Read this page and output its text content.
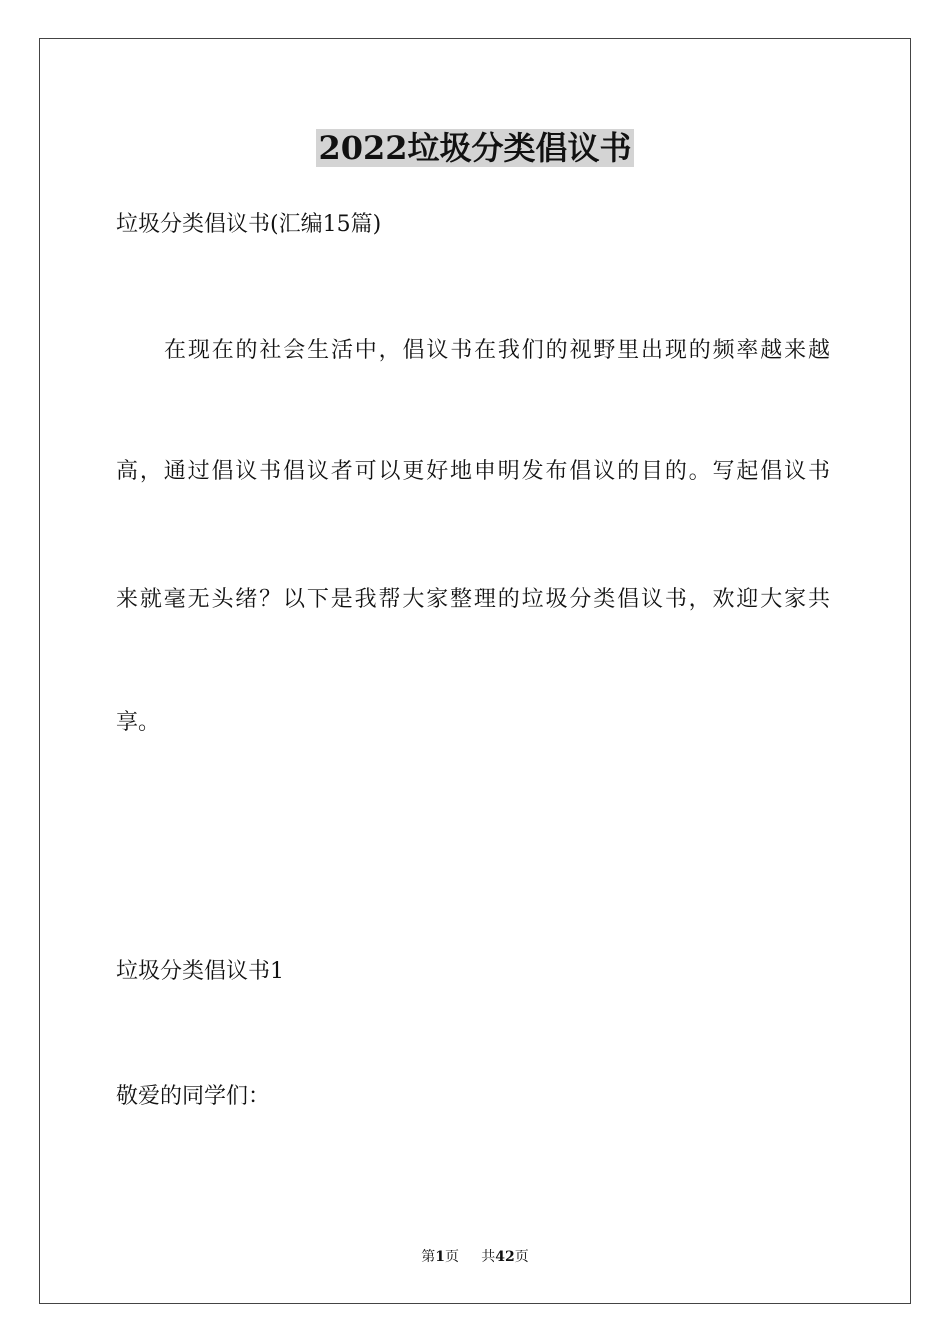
2022垃圾分类倡议书
垃圾分类倡议书(汇编15篇)
在现在的社会生活中，倡议书在我们的视野里出现的频率越来越
高，通过倡议书倡议者可以更好地申明发布倡议的目的。写起倡议书
来就毫无头绪？以下是我帮大家整理的垃圾分类倡议书，欢迎大家共
享。
垃圾分类倡议书1
敬爱的同学们：
第1页 共42页
